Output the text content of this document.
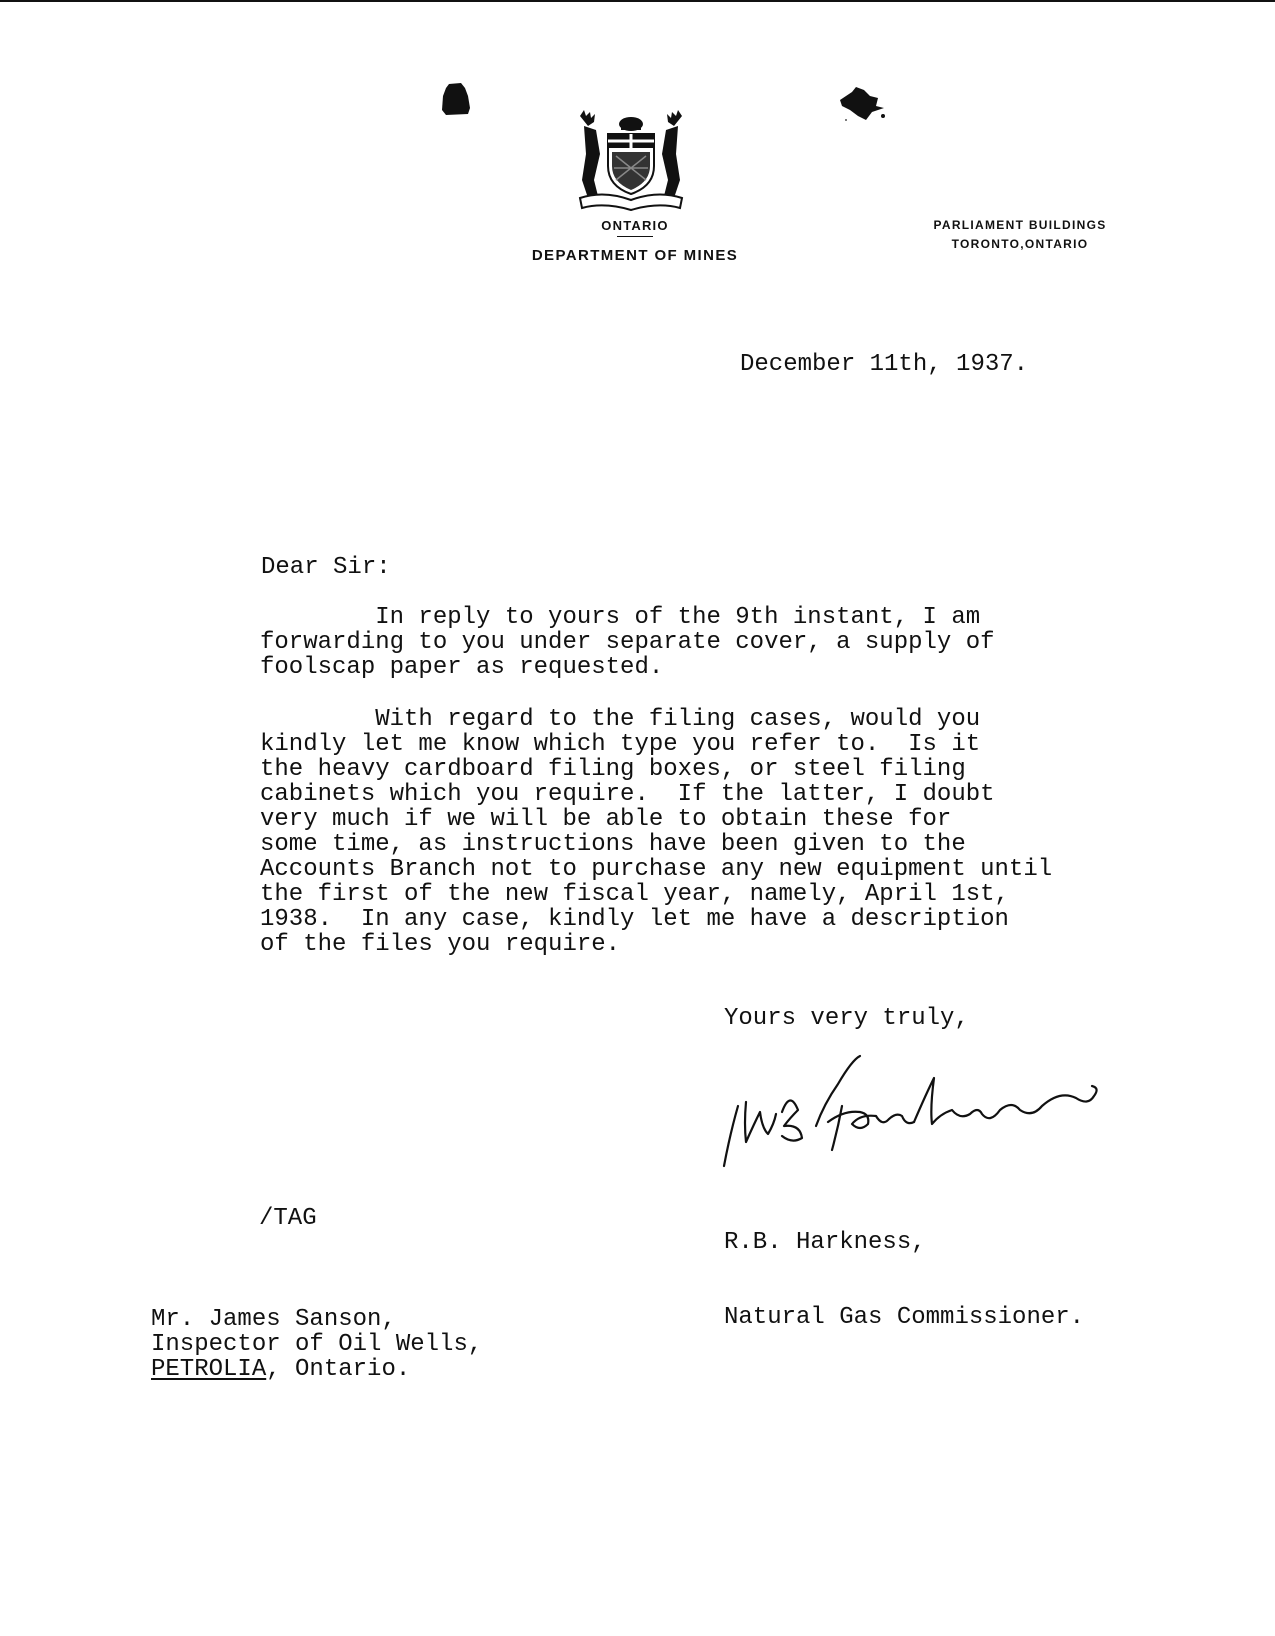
ONTARIO
DEPARTMENT OF MINES
PARLIAMENT BUILDINGS
TORONTO,ONTARIO
December 11th, 1937.
Dear Sir:

In reply to yours of the 9th instant, I am
forwarding to you under separate cover, a supply of
foolscap paper as requested.

With regard to the filing cases, would you
kindly let me know which type you refer to.  Is it
the heavy cardboard filing boxes, or steel filing
cabinets which you require.  If the latter, I doubt
very much if we will be able to obtain these for
some time, as instructions have been given to the
Accounts Branch not to purchase any new equipment until
the first of the new fiscal year, namely, April 1st,
1938.  In any case, kindly let me have a description
of the files you require.

Yours very truly,

R.B. Harkness,

Natural Gas Commissioner.

/TAG
Mr. James Sanson,
Inspector of Oil Wells,
PETROLIA, Ontario.
